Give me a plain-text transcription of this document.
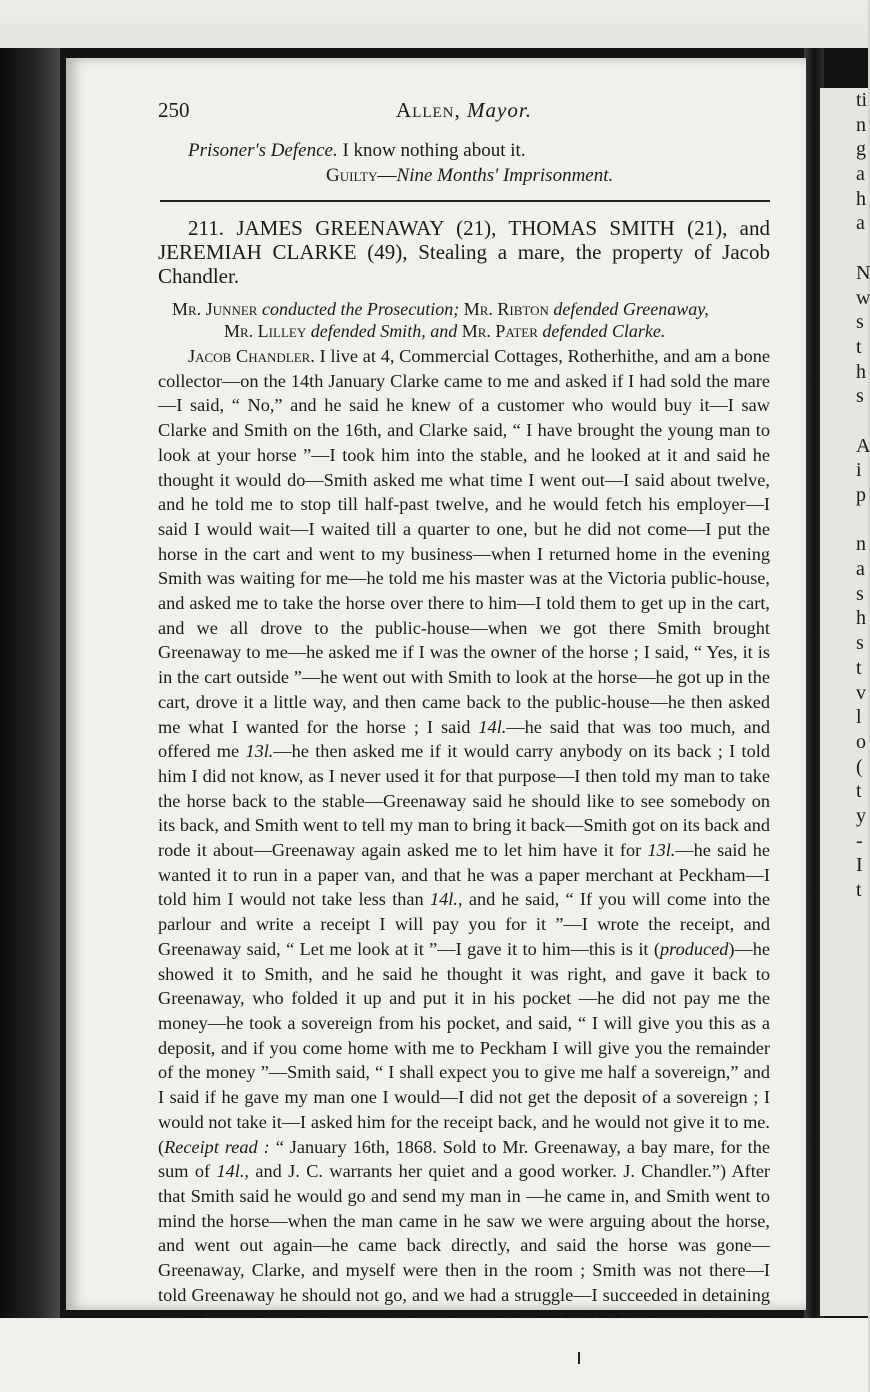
ti
n
g
a
h
a
N
w
s
t
h
s
A
i
p
n
a
s
h
s
t
v
l
o
(
t
y
-
I
t
250	Allen, Mayor.
Prisoner's Defence. I know nothing about it.
Guilty—Nine Months' Imprisonment.
211. JAMES GREENAWAY (21), THOMAS SMITH (21), and JEREMIAH CLARKE (49), Stealing a mare, the property of Jacob Chandler.
Mr. Junner conducted the Prosecution; Mr. Ribton defended Greenaway,
Mr. Lilley defended Smith, and Mr. Pater defended Clarke.
Jacob Chandler. I live at 4, Commercial Cottages, Rotherhithe, and am a bone collector—on the 14th January Clarke came to me and asked if I had sold the mare—I said, “ No,” and he said he knew of a customer who would buy it—I saw Clarke and Smith on the 16th, and Clarke said, “ I have brought the young man to look at your horse ”—I took him into the stable, and he looked at it and said he thought it would do—Smith asked me what time I went out—I said about twelve, and he told me to stop till half-past twelve, and he would fetch his employer—I said I would wait—I waited till a quarter to one, but he did not come—I put the horse in the cart and went to my business—when I returned home in the evening Smith was waiting for me—he told me his master was at the Victoria public-house, and asked me to take the horse over there to him—I told them to get up in the cart, and we all drove to the public-house—when we got there Smith brought Greenaway to me—he asked me if I was the owner of the horse ; I said, “ Yes, it is in the cart outside ”—he went out with Smith to look at the horse—he got up in the cart, drove it a little way, and then came back to the public-house—he then asked me what I wanted for the horse ; I said 14l.—he said that was too much, and offered me 13l.—he then asked me if it would carry anybody on its back ; I told him I did not know, as I never used it for that purpose—I then told my man to take the horse back to the stable—Greenaway said he should like to see somebody on its back, and Smith went to tell my man to bring it back—Smith got on its back and rode it about—Greenaway again asked me to let him have it for 13l.—he said he wanted it to run in a paper van, and that he was a paper merchant at Peckham—I told him I would not take less than 14l., and he said, “ If you will come into the parlour and write a receipt I will pay you for it ”—I wrote the receipt, and Greenaway said, “ Let me look at it ”—I gave it to him—this is it (produced)—he showed it to Smith, and he said he thought it was right, and gave it back to Greenaway, who folded it up and put it in his pocket —he did not pay me the money—he took a sovereign from his pocket, and said, “ I will give you this as a deposit, and if you come home with me to Peckham I will give you the remainder of the money ”—Smith said, “ I shall expect you to give me half a sovereign,” and I said if he gave my man one I would—I did not get the deposit of a sovereign ; I would not take it—I asked him for the receipt back, and he would not give it to me. (Receipt read : “ January 16th, 1868. Sold to Mr. Greenaway, a bay mare, for the sum of 14l., and J. C. warrants her quiet and a good worker. J. Chandler.”) After that Smith said he would go and send my man in —he came in, and Smith went to mind the horse—when the man came in he saw we were arguing about the horse, and went out again—he came back directly, and said the horse was gone—Greenaway, Clarke, and myself were then in the room ; Smith was not there—I told Greenaway he should not go, and we had a struggle—I succeeded in detaining
